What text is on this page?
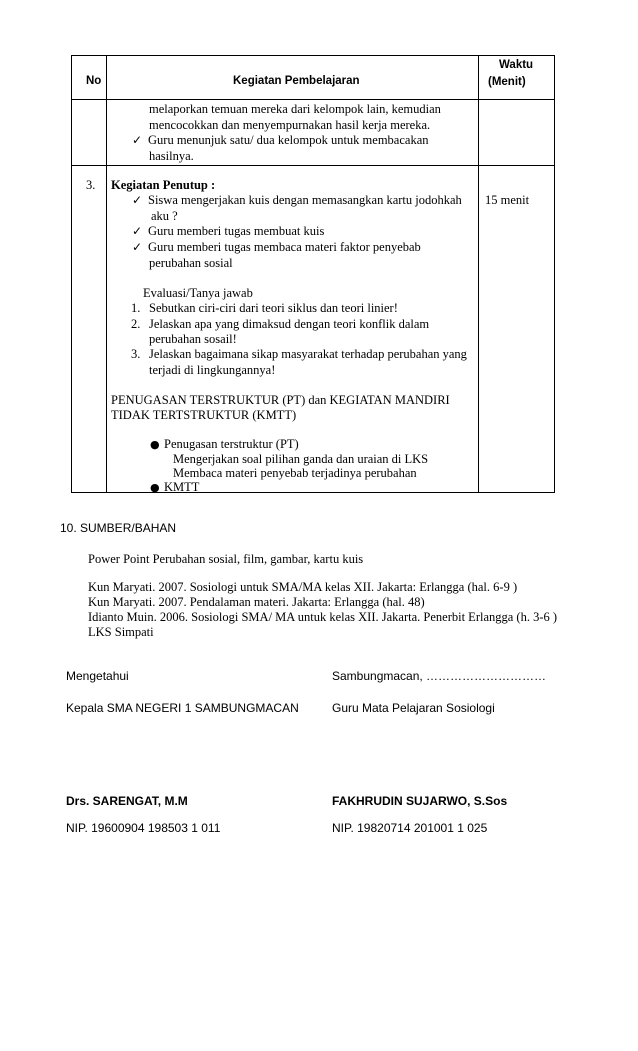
No	Kegiatan Pembelajaran
Waktu
(Menit)
melaporkan temuan mereka dari kelompok lain, kemudian
mencocokkan dan menyempurnakan hasil kerja mereka.
✓ Guru menunjuk satu/ dua kelompok untuk membacakan
hasilnya.
3. Kegiatan Penutup :
15 menit
✓ Siswa mengerjakan kuis dengan memasangkan kartu jodohkah
aku ?
✓ Guru memberi tugas membuat kuis
✓ Guru memberi tugas membaca materi faktor penyebab
perubahan sosial
Evaluasi/Tanya jawab
1. Sebutkan ciri-ciri dari teori siklus dan teori linier!
2. Jelaskan apa yang dimaksud dengan teori konflik dalam
perubahan sosail!
3. Jelaskan bagaimana sikap masyarakat terhadap perubahan yang
terjadi di lingkungannya!
PENUGASAN TERSTRUKTUR (PT) dan KEGIATAN MANDIRI
TIDAK TERTSTRUKTUR (KMTT)
● Penugasan terstruktur (PT)
Mengerjakan soal pilihan ganda dan uraian di LKS
Membaca materi penyebab terjadinya perubahan
● KMTT
10. SUMBER/BAHAN
Power Point Perubahan sosial, film, gambar, kartu kuis
Kun Maryati. 2007. Sosiologi untuk SMA/MA kelas XII. Jakarta: Erlangga (hal. 6-9 )
Kun Maryati. 2007. Pendalaman materi. Jakarta: Erlangga (hal. 48)
Idianto Muin. 2006. Sosiologi SMA/ MA untuk kelas XII. Jakarta. Penerbit Erlangga (h. 3-6 )
LKS Simpati
Mengetahui
Kepala SMA NEGERI 1 SAMBUNGMACAN
Drs. SARENGAT, M.M
NIP. 19600904 198503 1 011
Sambungmacan, …………………………
Guru Mata Pelajaran Sosiologi
FAKHRUDIN SUJARWO, S.Sos
NIP. 19820714 201001 1 025
